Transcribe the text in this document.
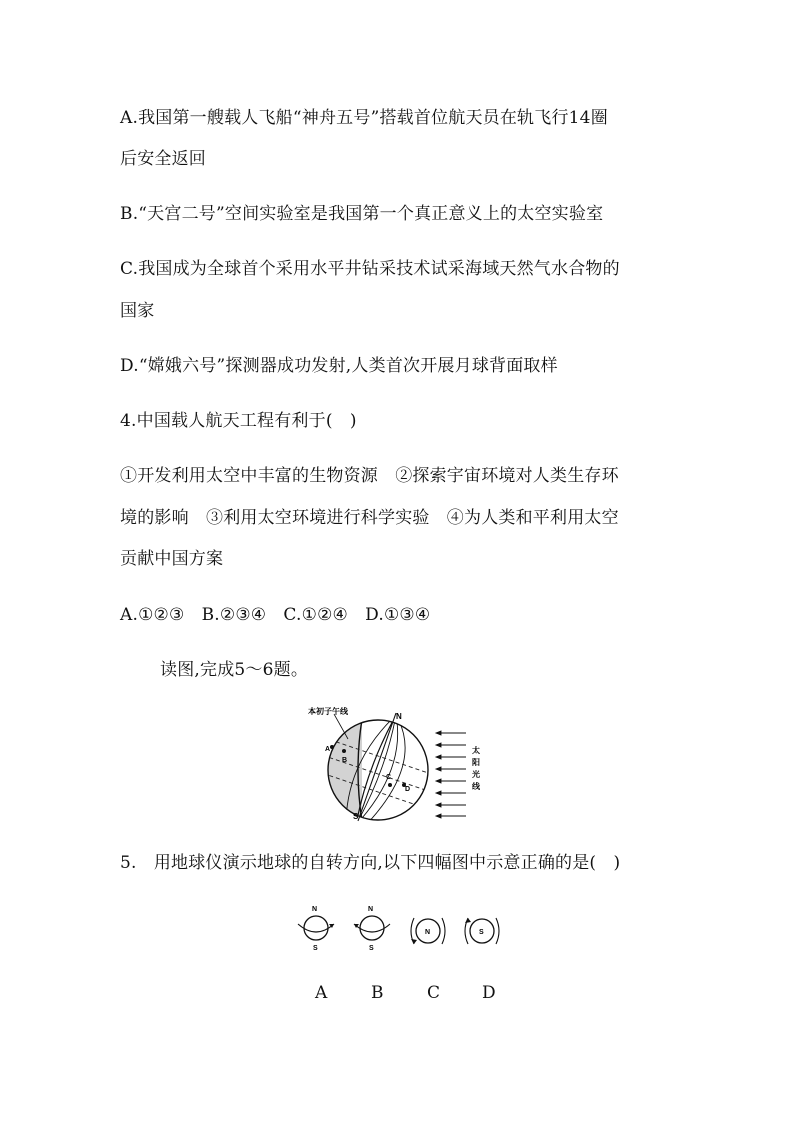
A.我国第一艘载人飞船“神舟五号”搭载首位航天员在轨飞行14圈
后安全返回
B.“天宫二号”空间实验室是我国第一个真正意义上的太空实验室
C.我国成为全球首个采用水平井钻采技术试采海域天然气水合物的
国家
D.“嫦娥六号”探测器成功发射,人类首次开展月球背面取样
4.中国载人航天工程有利于(　)
①开发利用太空中丰富的生物资源　②探索宇宙环境对人类生存环
境的影响　③利用太空环境进行科学实验　④为人类和平利用太空
贡献中国方案
A.①②③　B.②③④　C.①②④　D.①③④
读图,完成5～6题。
本初子午线
N
S
A
B
C
D
太
阳
光
线
5.　用地球仪演示地球的自转方向,以下四幅图中示意正确的是(　)
N
S
N
S
N	S
A	B	C D
